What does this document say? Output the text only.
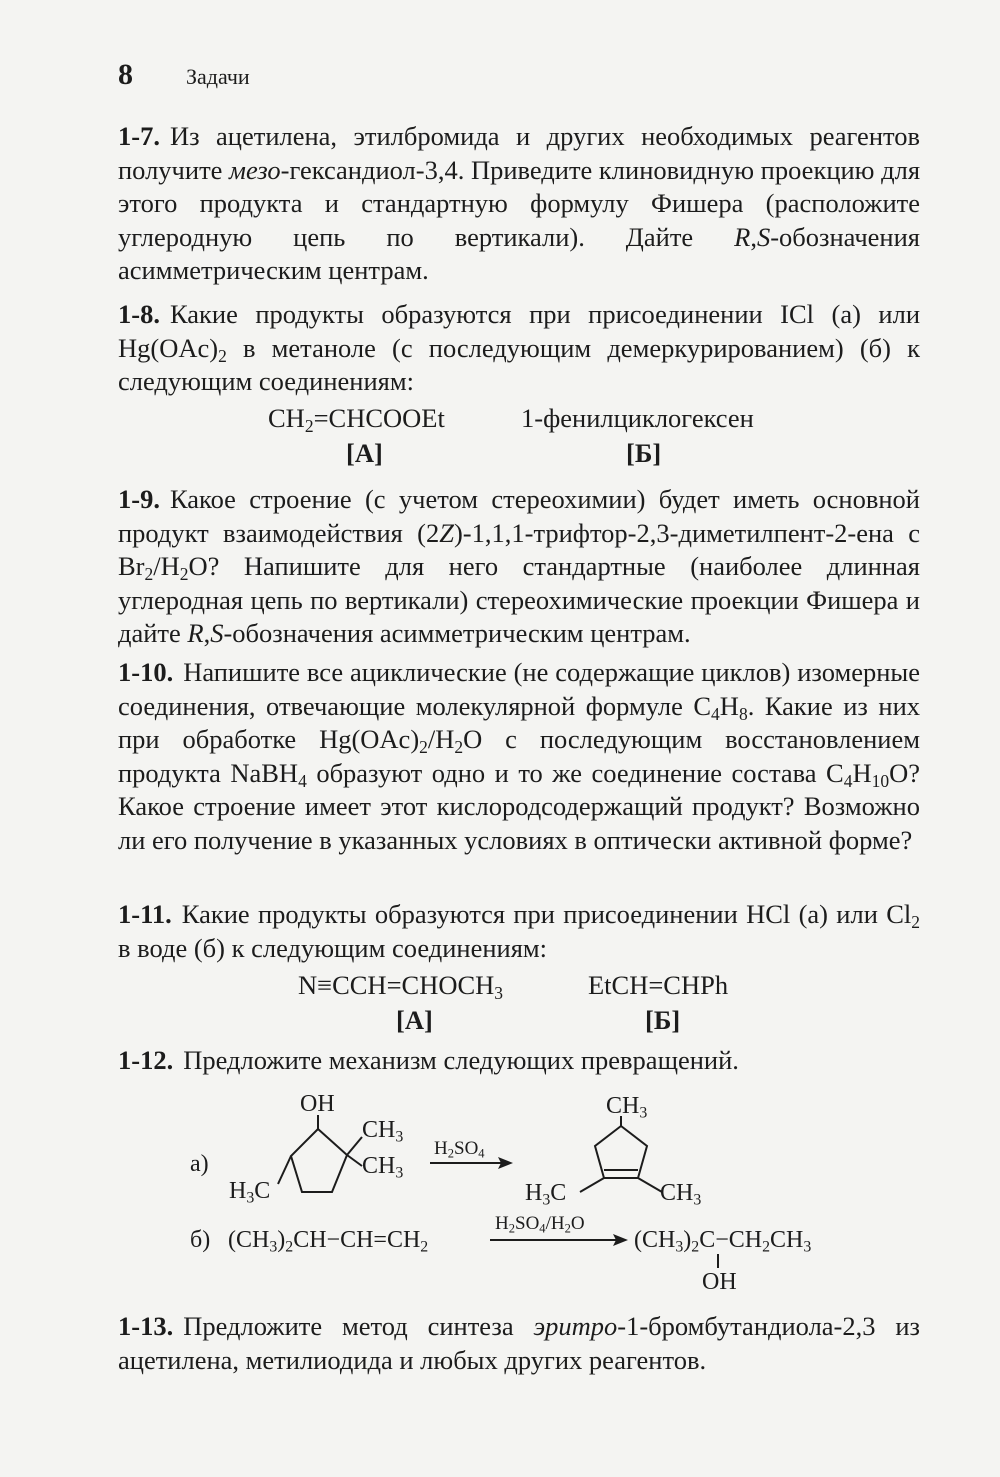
8 Задачи

1-7. Из ацетилена, этилбромида и других необходимых реагентов получите мезо-гександиол-3,4. Приведите клиновидную проекцию для этого продукта и стандартную формулу Фишера (расположите углеродную цепь по вертикали). Дайте R,S-обозначения асимметрическим центрам.

1-8. Какие продукты образуются при присоединении ICl (а) или $Hg(OAc)_2$ в метаноле (с последующим демеркурированием) (б) к следующим соединениям:

$CH_2=CHCOOEt$	1-фенилциклогексен
[А]	[Б]

1-9. Какое строение (с учетом стереохимии) будет иметь основной продукт взаимодействия (2Z)-1,1,1-трифтор-2,3-диметилпент-2-ена с $Br_2/H_2O$? Напишите для него стандартные (наиболее длинная углеродная цепь по вертикали) стереохимические проекции Фишера и дайте R,S-обозначения асимметрическим центрам.

1-10. Напишите все ациклические (не содержащие циклов) изомерные соединения, отвечающие молекулярной формуле $C_4H_8$. Какие из них при обработке $Hg(OAc)_2/H_2O$ с последующим восстановлением продукта NaBH$_4$ образуют одно и то же соединение состава $C_4H_{10}O$? Какое строение имеет этот кислородсодержащий продукт? Возможно ли его получение в указанных условиях в оптически активной форме?

1-11. Какие продукты образуются при присоединении HCl (а) или $Cl_2$ в воде (б) к следующим соединениям:

$N\equiv CCH=CHOCH_3$	EtCH=CHPh
[А]	[Б]

1-12. Предложите механизм следующих превращений.

а)
OH
$CH_3$
$CH_3$
$H_3C$
$H_2SO_4$
$CH_3$
$H_3C$	$CH_3$
б) $(CH_3)_2CH-CH=CH_2$
$H_2SO_4/H_2O$
$(CH_3)_2C-CH_2CH_3$
OH

1-13. Предложите метод синтеза эритро-1-бромбутандиола-2,3 из ацетилена, метилиодида и любых других реагентов.
